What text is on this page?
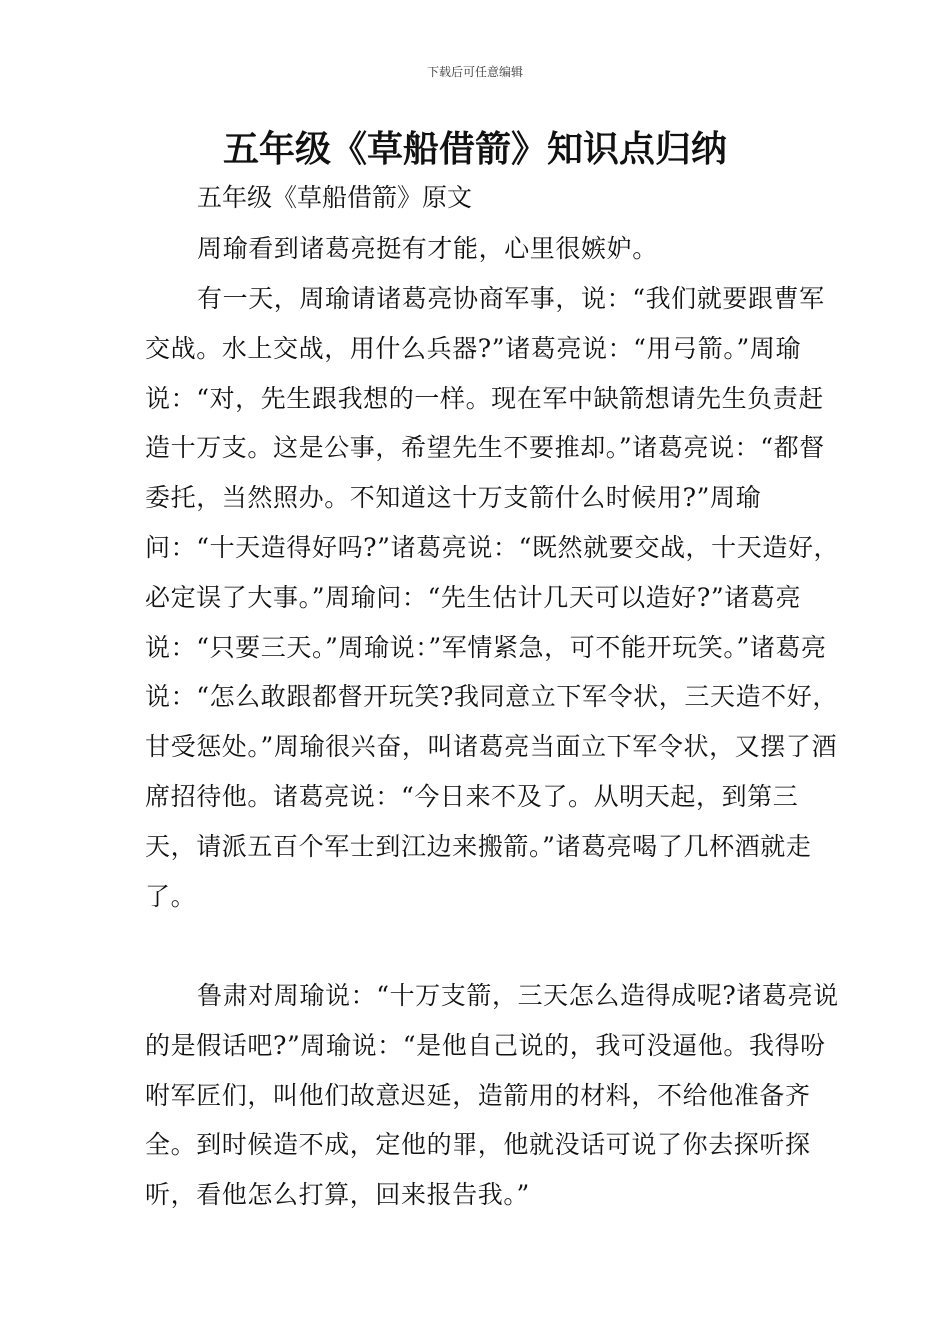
下载后可任意编辑
五年级《草船借箭》知识点归纳

五年级《草船借箭》原文

周瑜看到诸葛亮挺有才能，心里很嫉妒。

有一天，周瑜请诸葛亮协商军事，说：“我们就要跟曹军交战。水上交战，用什么兵器?”诸葛亮说：“用弓箭。”周瑜说：“对，先生跟我想的一样。现在军中缺箭想请先生负责赶造十万支。这是公事，希望先生不要推却。”诸葛亮说：“都督委托，当然照办。不知道这十万支箭什么时候用?”周瑜问：“十天造得好吗?”诸葛亮说：“既然就要交战，十天造好，必定误了大事。”周瑜问：“先生估计几天可以造好?”诸葛亮说：“只要三天。”周瑜说：”军情紧急，可不能开玩笑。”诸葛亮说：“怎么敢跟都督开玩笑?我同意立下军令状，三天造不好，甘受惩处。”周瑜很兴奋，叫诸葛亮当面立下军令状，又摆了酒席招待他。诸葛亮说：“今日来不及了。从明天起，到第三天，请派五百个军士到江边来搬箭。”诸葛亮喝了几杯酒就走了。

鲁肃对周瑜说：“十万支箭，三天怎么造得成呢?诸葛亮说的是假话吧?”周瑜说：“是他自己说的，我可没逼他。我得吩咐军匠们，叫他们故意迟延，造箭用的材料，不给他准备齐全。到时候造不成，定他的罪，他就没话可说了你去探听探听，看他怎么打算，回来报告我。”
